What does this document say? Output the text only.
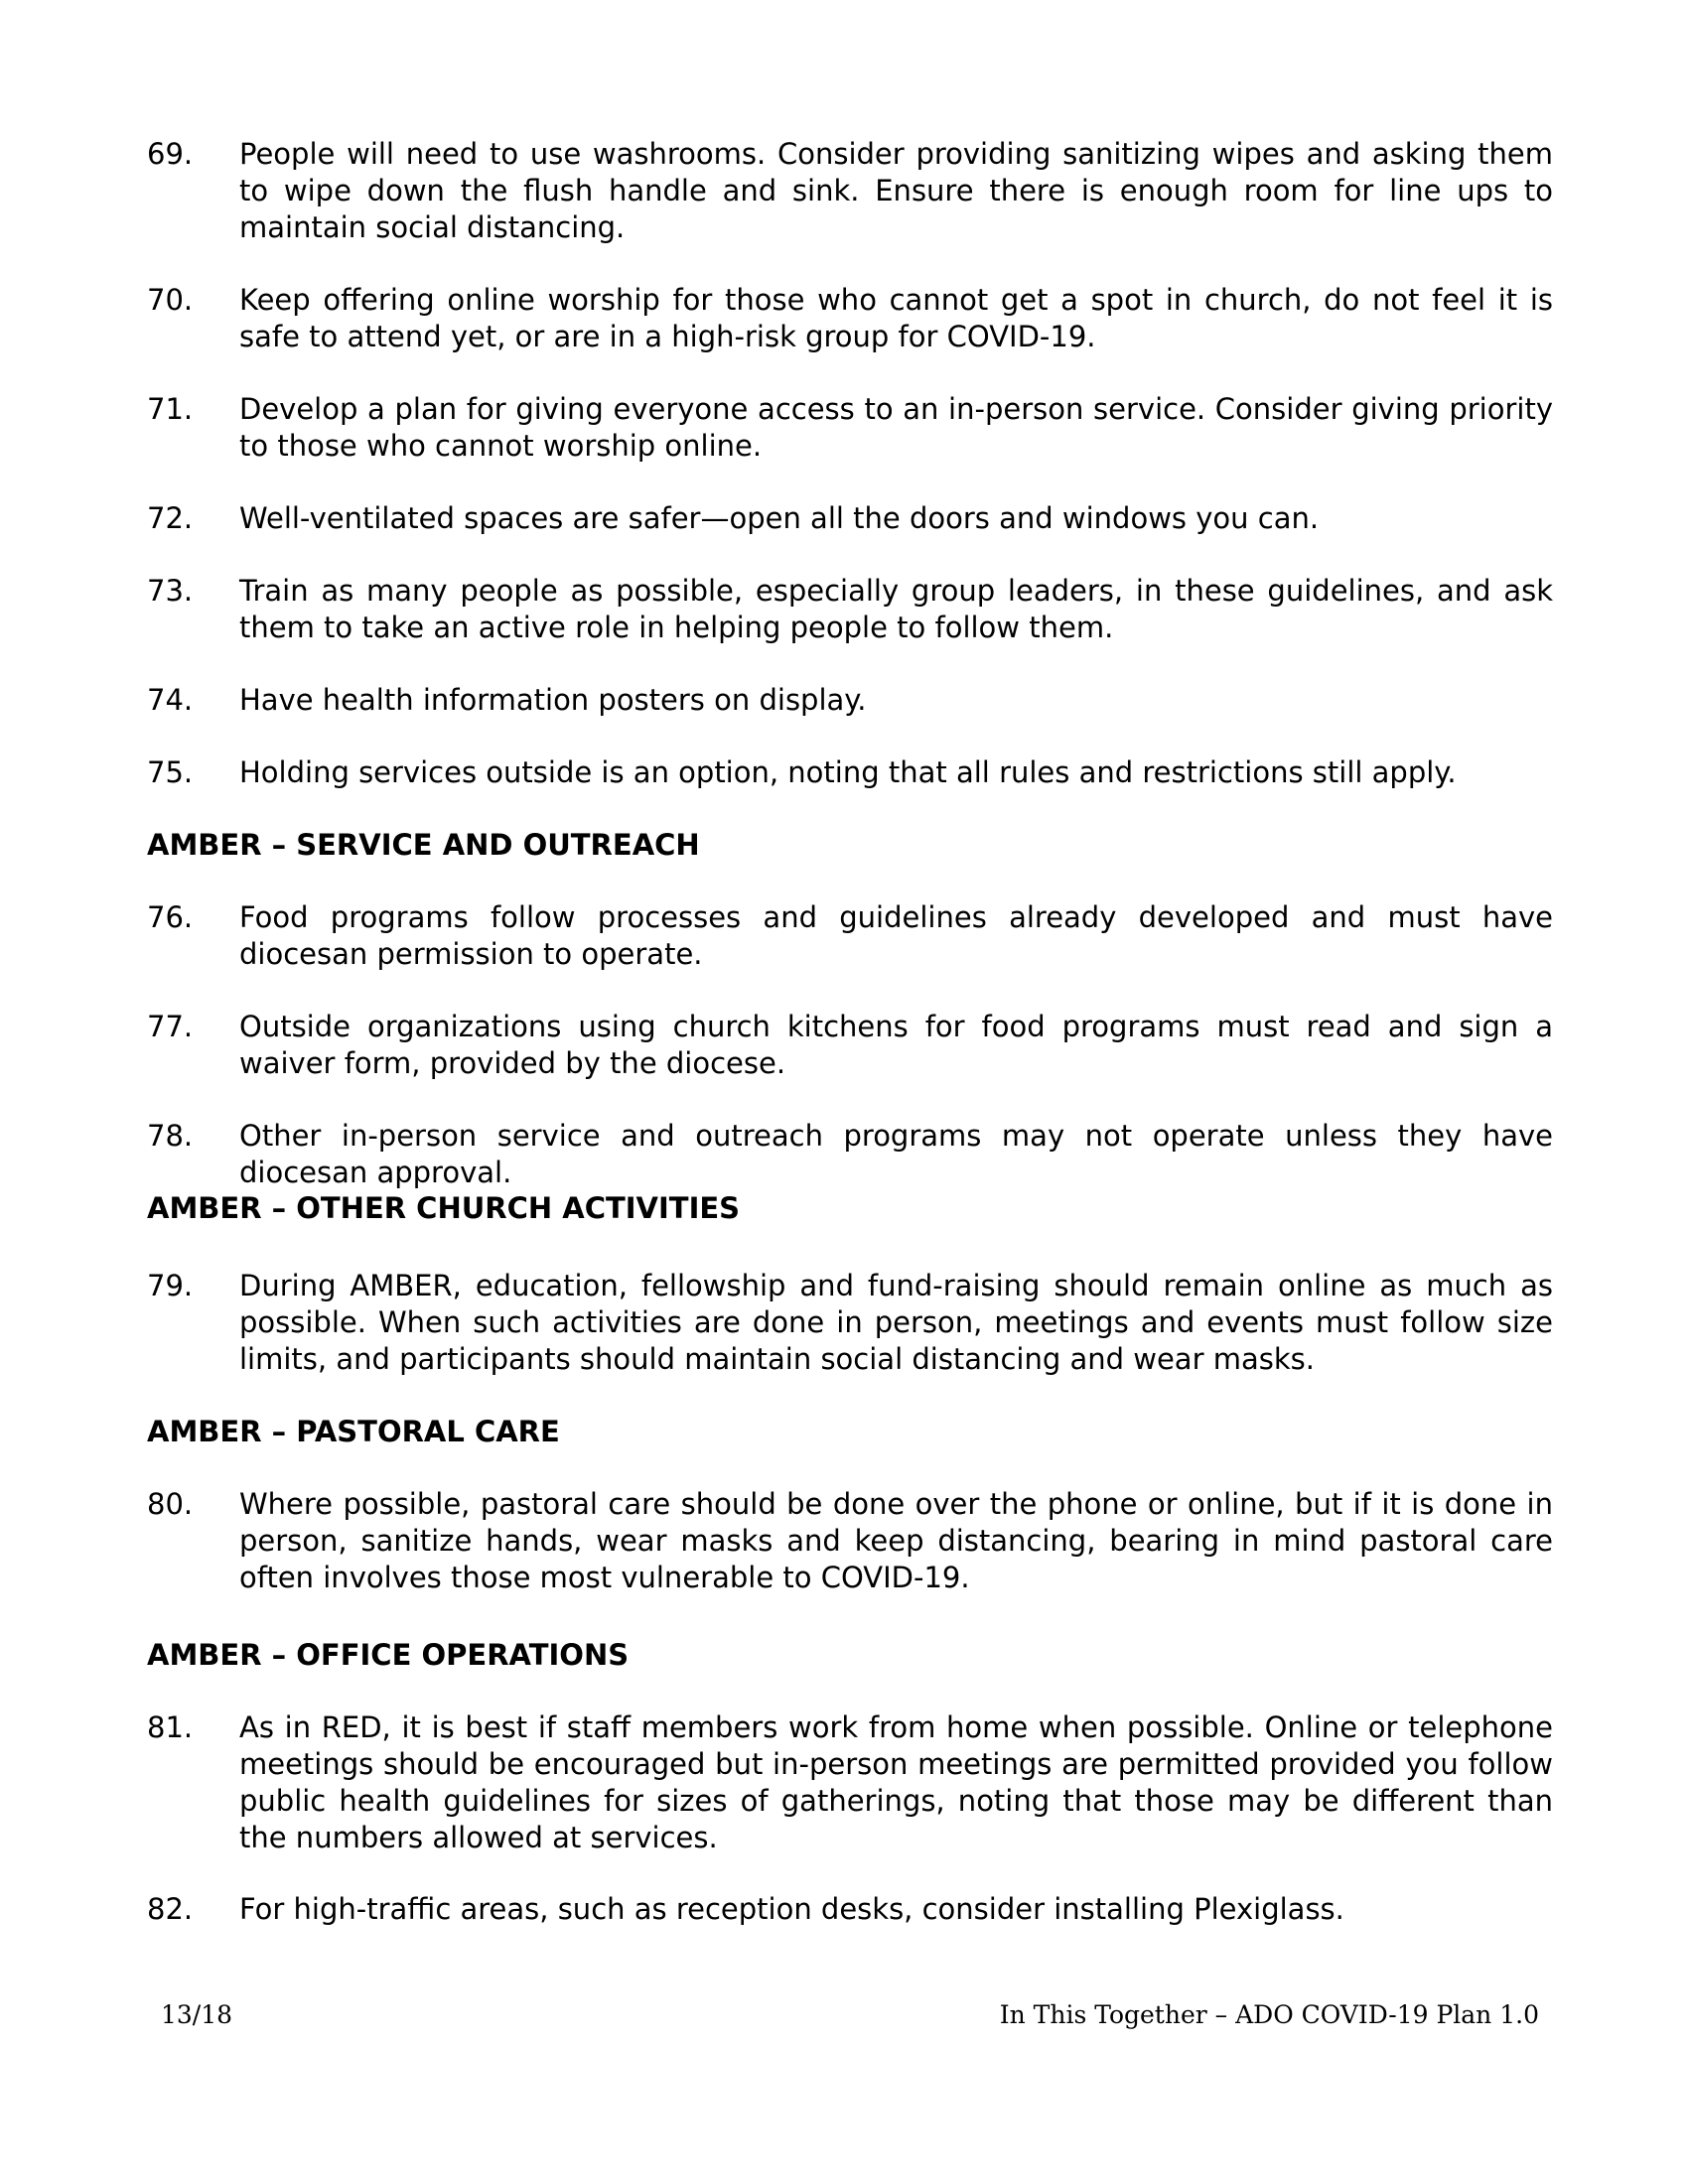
69.	People will need to use washrooms. Consider providing sanitizing wipes and asking them to wipe down the flush handle and sink. Ensure there is enough room for line ups to maintain social distancing.
70.	Keep offering online worship for those who cannot get a spot in church, do not feel it is safe to attend yet, or are in a high-risk group for COVID-19.
71.	Develop a plan for giving everyone access to an in-person service. Consider giving priority to those who cannot worship online.
72.	Well-ventilated spaces are safer—open all the doors and windows you can.
73.	Train as many people as possible, especially group leaders, in these guidelines, and ask them to take an active role in helping people to follow them.
74.	Have health information posters on display.
75.	Holding services outside is an option, noting that all rules and restrictions still apply.
AMBER – SERVICE AND OUTREACH
76.	Food programs follow processes and guidelines already developed and must have diocesan permission to operate.
77.	Outside organizations using church kitchens for food programs must read and sign a waiver form, provided by the diocese.
78.	Other in-person service and outreach programs may not operate unless they have diocesan approval.
AMBER – OTHER CHURCH ACTIVITIES
79.	During AMBER, education, fellowship and fund-raising should remain online as much as possible. When such activities are done in person, meetings and events must follow size limits, and participants should maintain social distancing and wear masks.
AMBER – PASTORAL CARE
80.	Where possible, pastoral care should be done over the phone or online, but if it is done in person, sanitize hands, wear masks and keep distancing, bearing in mind pastoral care often involves those most vulnerable to COVID-19.
AMBER – OFFICE OPERATIONS
81.	As in RED, it is best if staff members work from home when possible. Online or telephone meetings should be encouraged but in-person meetings are permitted provided you follow public health guidelines for sizes of gatherings, noting that those may be different than the numbers allowed at services.
82.	For high-traffic areas, such as reception desks, consider installing Plexiglass.
13/18	In This Together – ADO COVID-19 Plan 1.0
